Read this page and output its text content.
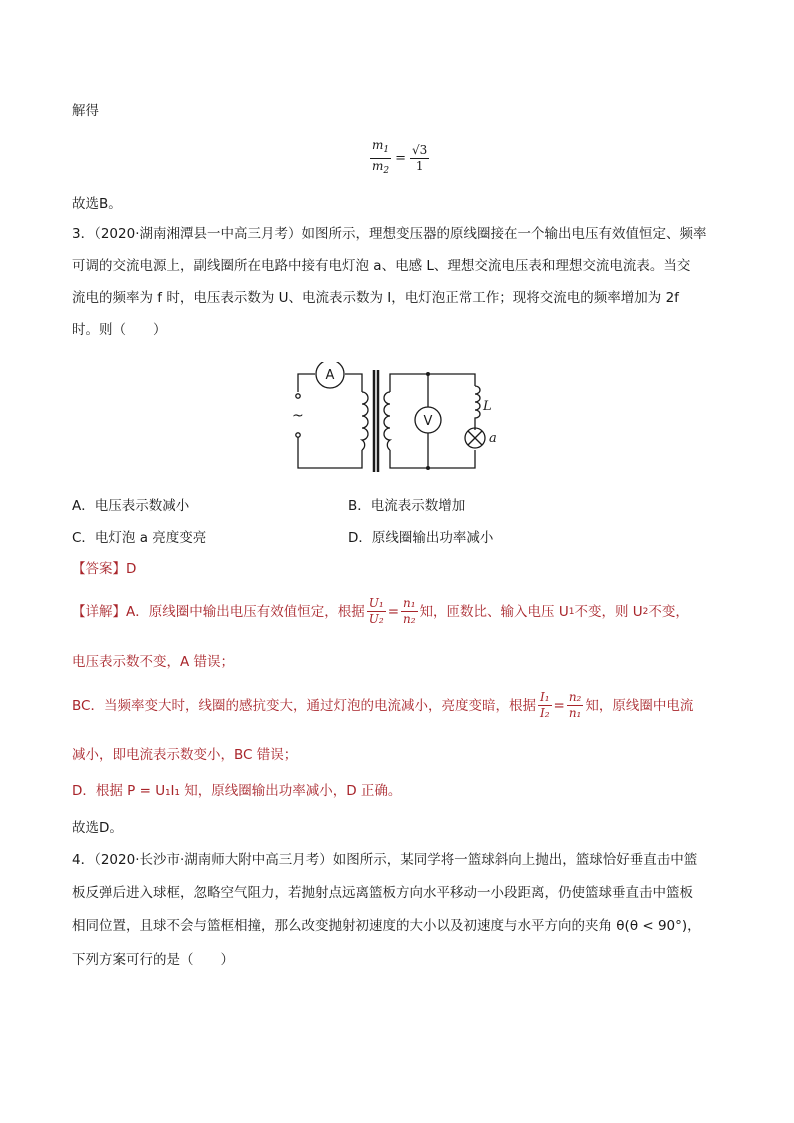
解得
$\frac{m_1}{m_2} = \frac{√3}{1}$
故选B。
3．（2020·湖南湘潭县一中高三月考）如图所示，理想变压器的原线圈接在一个输出电压有效值恒定、频率
可调的交流电源上，副线圈所在电路中接有电灯泡 a、电感 L、理想交流电压表和理想交流电流表。当交
流电的频率为 f 时，电压表示数为 U、电流表示数为 I，电灯泡正常工作；现将交流电的频率增加为 2f
时。则（　　）
A
V
L
a
~
A．电压表示数减小	B．电流表示数增加
C．电灯泡 a 亮度变亮	D．原线圈输出功率减小
【答案】D
【详解】 A．原线圈中输出电压有效值恒定，根据 $\frac{\text{U₁}}{\text{U₂}} = \frac{\text{n₁}}{\text{n₂}}$ 知，匝数比、输入电压 U 1 不变，则 U 2 不变，
电压表示数不变，A 错误；
BC．当频率变大时，线圈的感抗变大，通过灯泡的电流减小，亮度变暗，根据 $\frac{\text{I₁}}{\text{I₂}} = \frac{\text{n₂}}{\text{n₁}}$ 知，原线圈中电流
减小，即电流表示数变小，BC 错误；
D．根据 P = U₁I₁ 知，原线圈输出功率减小，D 正确。
故选D。
4．（2020·长沙市·湖南师大附中高三月考）如图所示，某同学将一篮球斜向上抛出，篮球恰好垂直击中篮
板反弹后进入球框，忽略空气阻力，若抛射点远离篮板方向水平移动一小段距离，仍使篮球垂直击中篮板
相同位置，且球不会与篮框相撞，那么改变抛射初速度的大小以及初速度与水平方向的夹角 θ(θ < 90°)，
下列方案可行的是（　　）
